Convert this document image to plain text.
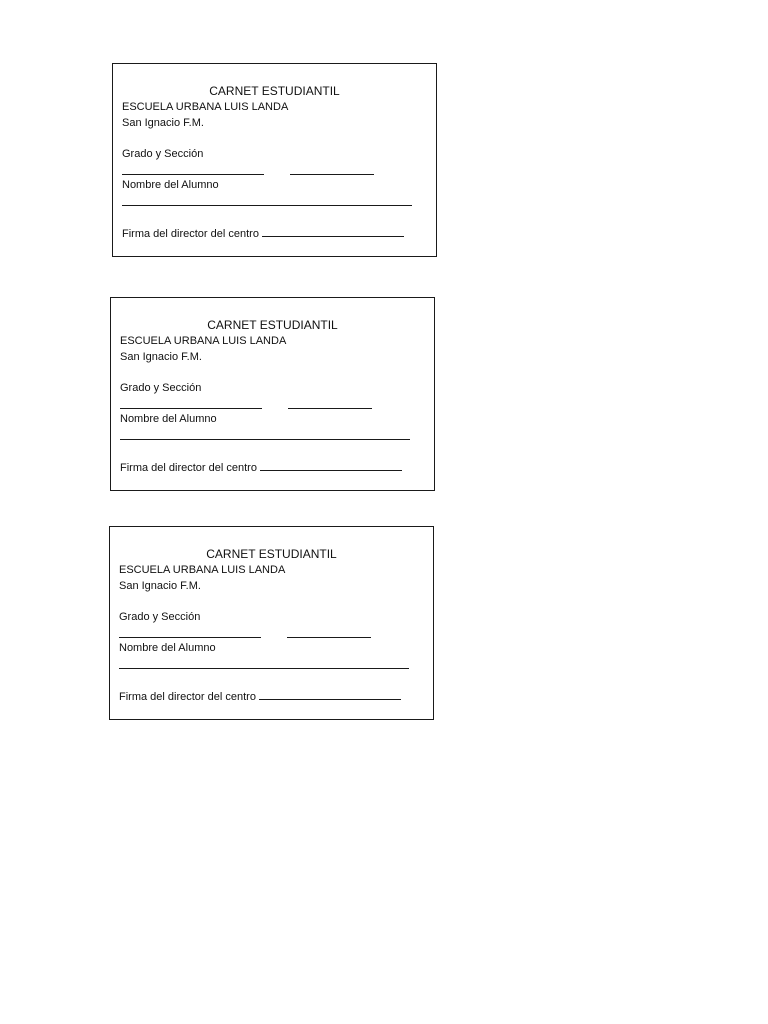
CARNET ESTUDIANTIL
ESCUELA URBANA LUIS LANDA
San Ignacio F.M.
Grado y Sección
Nombre del Alumno
Firma del director del centro
CARNET ESTUDIANTIL
ESCUELA URBANA LUIS LANDA
San Ignacio F.M.
Grado y Sección
Nombre del Alumno
Firma del director del centro
CARNET ESTUDIANTIL
ESCUELA URBANA LUIS LANDA
San Ignacio F.M.
Grado y Sección
Nombre del Alumno
Firma del director del centro
